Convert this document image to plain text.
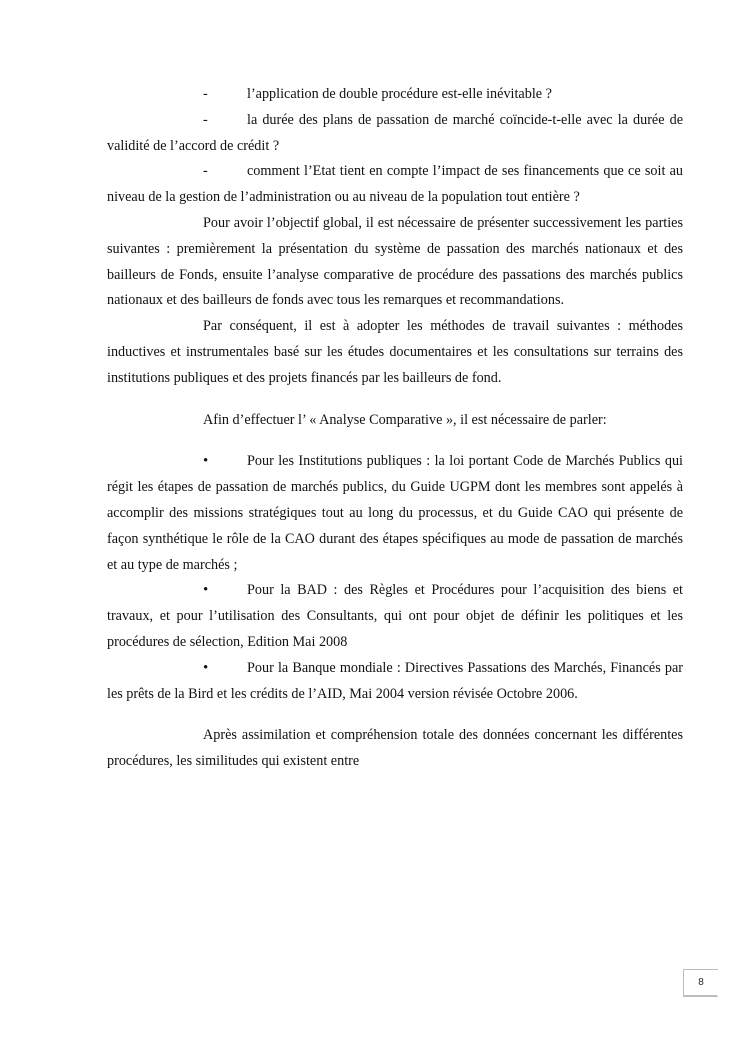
-	l’application de double procédure est-elle inévitable ?

-	la durée des plans de passation de marché coïncide-t-elle avec la durée de validité de l’accord de crédit ?

-	comment l’Etat tient en compte l’impact de ses financements que ce soit au niveau de la gestion de l’administration ou au niveau de la population tout entière ?

Pour avoir l’objectif global, il est nécessaire de présenter successivement les parties suivantes : premièrement la présentation du système de passation des marchés nationaux et des bailleurs de Fonds, ensuite l’analyse comparative de procédure des passations des marchés publics nationaux et des bailleurs de fonds avec tous les remarques et recommandations.

Par conséquent, il est à adopter les méthodes de travail suivantes : méthodes inductives et instrumentales basé sur les études documentaires et les consultations sur terrains des institutions publiques et des projets financés par les bailleurs de fond.

Afin d’effectuer l’ « Analyse Comparative », il est nécessaire de parler:

•	Pour les Institutions publiques : la loi portant Code de Marchés Publics qui régit les étapes de passation de marchés publics, du Guide UGPM dont les membres sont appelés à accomplir des missions stratégiques tout au long du processus, et du Guide CAO qui présente de façon synthétique le rôle de la CAO durant des étapes spécifiques au mode de passation de marchés et au type de marchés ;

•	Pour la BAD : des Règles et Procédures pour l’acquisition des biens et travaux, et pour l’utilisation des Consultants, qui ont pour objet de définir les politiques et les procédures de sélection, Edition Mai 2008

•	Pour la Banque mondiale : Directives Passations des Marchés, Financés par les prêts de la Bird et les crédits de l’AID, Mai 2004 version révisée Octobre 2006.

Après assimilation et compréhension totale des données concernant les différentes procédures, les similitudes qui existent entre

8
